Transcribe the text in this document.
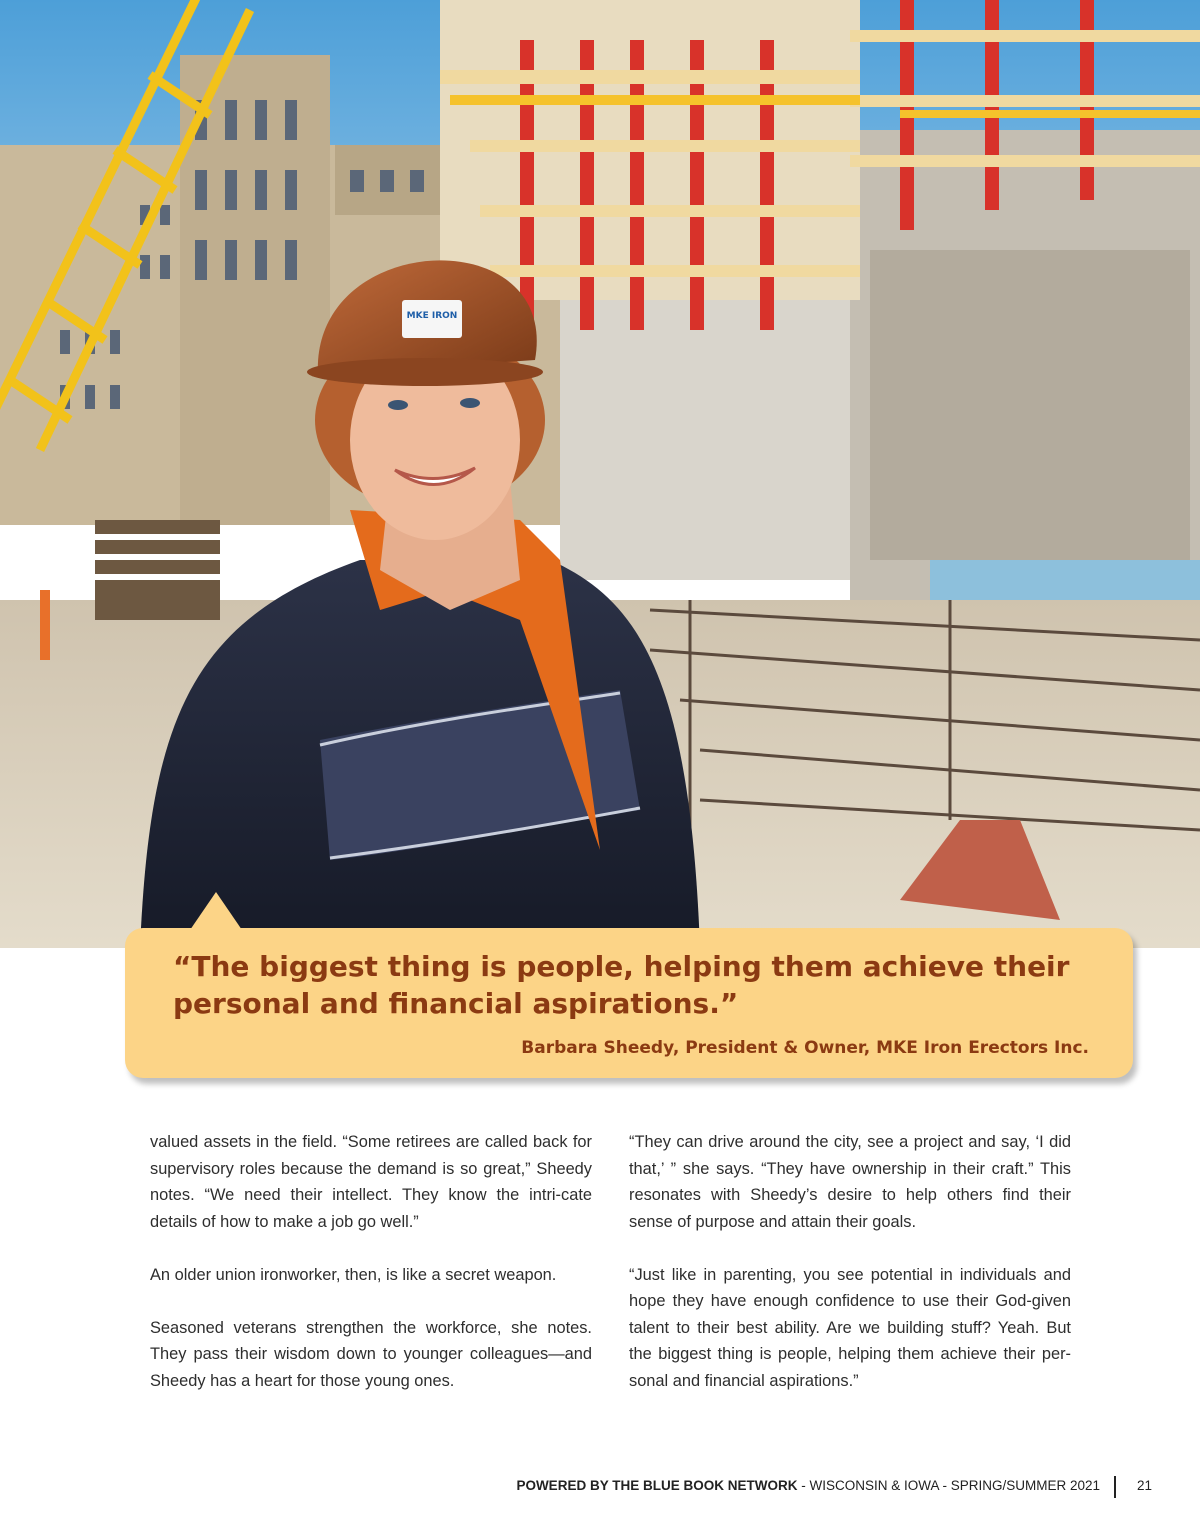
MKE IRON
“The biggest thing is people, helping them achieve their
personal and financial aspirations.”
Barbara Sheedy, President & Owner, MKE Iron Erectors Inc.

valued assets in the field. “Some retirees are called back for supervisory roles because the demand is so great,” Sheedy notes. “We need their intellect. They know the intri-cate details of how to make a job go well.”

An older union ironworker, then, is like a secret weapon.

Seasoned veterans strengthen the workforce, she notes. They pass their wisdom down to younger colleagues—and Sheedy has a heart for those young ones.

“They can drive around the city, see a project and say, ‘I did that,’ ” she says. “They have ownership in their craft.” This resonates with Sheedy’s desire to help others find their sense of purpose and attain their goals.

“Just like in parenting, you see potential in individuals and hope they have enough confidence to use their God-given talent to their best ability. Are we building stuff? Yeah. But the biggest thing is people, helping them achieve their per-sonal and financial aspirations.”

POWERED BY THE BLUE BOOK NETWORK - WISCONSIN & IOWA - SPRING/SUMMER 2021	21
